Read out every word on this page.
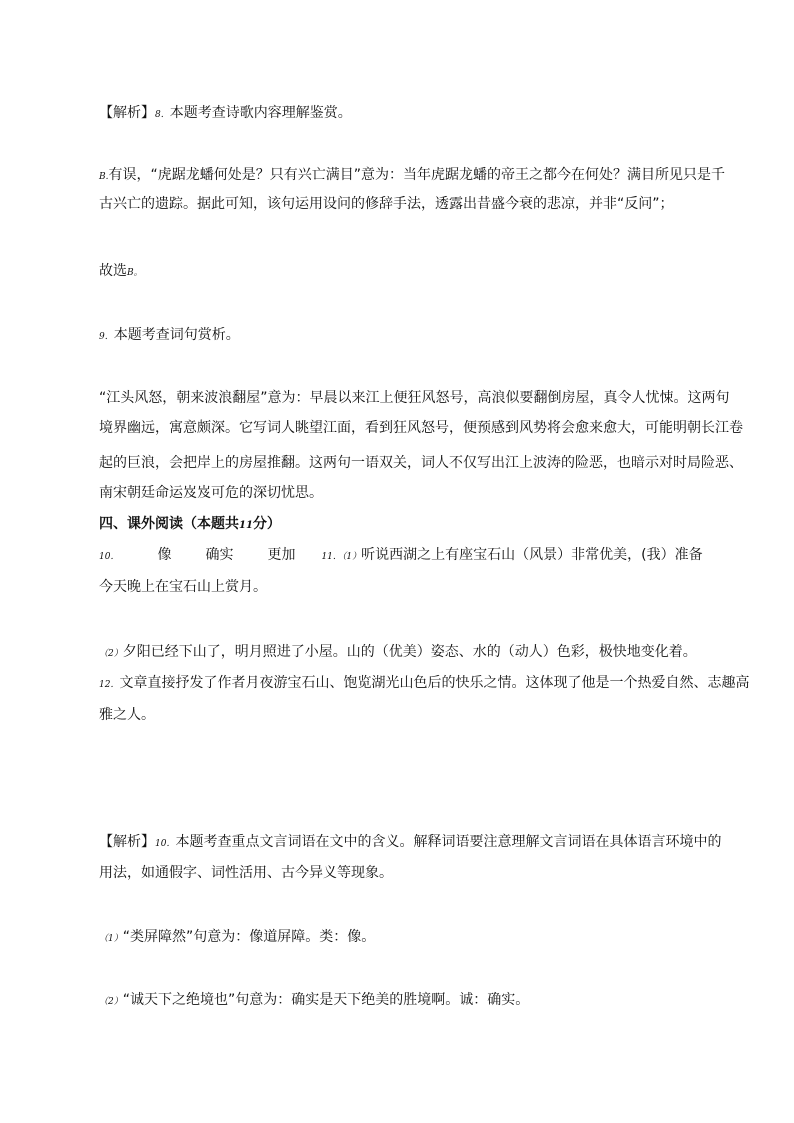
【解析】8．本题考查诗歌内容理解鉴赏。

B.有误，“虎踞龙蟠何处是？只有兴亡满目”意为：当年虎踞龙蟠的帝王之都今在何处？满目所见只是千

古兴亡的遗踪。据此可知，该句运用设问的修辞手法，透露出昔盛今衰的悲凉，并非“反问”；

故选B。

9．本题考查词句赏析。

“江头风怒，朝来波浪翻屋”意为：早晨以来江上便狂风怒号，高浪似要翻倒房屋，真令人忧悚。这两句

境界幽远，寓意颇深。它写词人眺望江面，看到狂风怒号，便预感到风势将会愈来愈大，可能明朝长江卷

起的巨浪，会把岸上的房屋推翻。这两句一语双关，词人不仅写出江上波涛的险恶，也暗示对时局险恶、

南宋朝廷命运岌岌可危的深切忧思。

四、课外阅读（本题共11分）

10．	像 确实 更加	11．（1）听说西湖之上有座宝石山（风景）非常优美，(我）准备

今天晚上在宝石山上赏月。

（2）夕阳已经下山了，明月照进了小屋。山的（优美）姿态、水的（动人）色彩，极快地变化着。

12．文章直接抒发了作者月夜游宝石山、饱览湖光山色后的快乐之情。这体现了他是一个热爱自然、志趣高

雅之人。

【解析】10．本题考查重点文言词语在文中的含义。解释词语要注意理解文言词语在具体语言环境中的

用法，如通假字、词性活用、古今异义等现象。

（1）“类屏障然”句意为：像道屏障。类：像。

（2）“诚天下之绝境也”句意为：确实是天下绝美的胜境啊。诚：确实。
